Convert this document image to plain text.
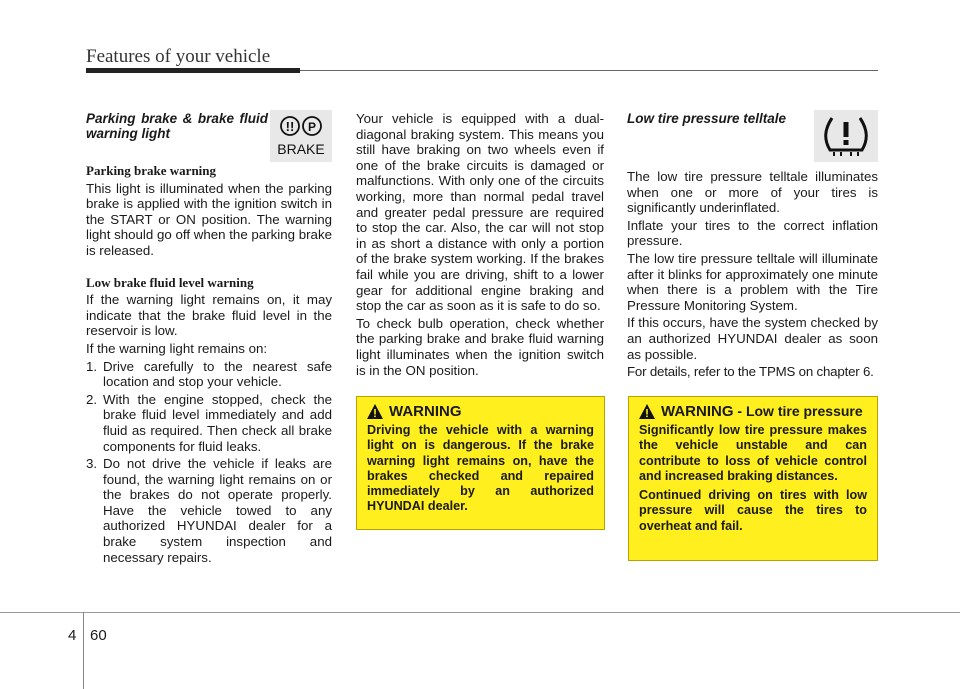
Features of your vehicle

Parking brake & brake fluid warning light

Parking brake warning

This light is illuminated when the parking brake is applied with the ignition switch in the START or ON position. The warning light should go off when the parking brake is released.

Low brake fluid level warning

If the warning light remains on, it may indicate that the brake fluid level in the reservoir is low.

If the warning light remains on:

1. Drive carefully to the nearest safe location and stop your vehicle.
2. With the engine stopped, check the brake fluid level immediately and add fluid as required. Then check all brake components for fluid leaks.
3. Do not drive the vehicle if leaks are found, the warning light remains on or the brakes do not operate properly. Have the vehicle towed to any authorized HYUNDAI dealer for a brake system inspection and necessary repairs.
!! P
BRAKE

Your vehicle is equipped with a dual-diagonal braking system. This means you still have braking on two wheels even if one of the brake circuits is damaged or malfunctions. With only one of the circuits working, more than normal pedal travel and greater pedal pressure are required to stop the car. Also, the car will not stop in as short a distance with only a portion of the brake system working. If the brakes fail while you are driving, shift to a lower gear for additional engine braking and stop the car as soon as it is safe to do so.

To check bulb operation, check whether the parking brake and brake fluid warning light illuminates when the ignition switch is in the ON position.

WARNING

Driving the vehicle with a warning light on is dangerous. If the brake warning light remains on, have the brakes checked and repaired immediately by an authorized HYUNDAI dealer.

Low tire pressure telltale

The low tire pressure telltale illuminates when one or more of your tires is significantly underinflated.

Inflate your tires to the correct inflation pressure.

The low tire pressure telltale will illuminate after it blinks for approximately one minute when there is a problem with the Tire Pressure Monitoring System.

If this occurs, have the system checked by an authorized HYUNDAI dealer as soon as possible.

For details, refer to the TPMS on chapter 6.

WARNING - Low tire pressure

Significantly low tire pressure makes the vehicle unstable and can contribute to loss of vehicle control and increased braking distances.

Continued driving on tires with low pressure will cause the tires to overheat and fail.

4 60
